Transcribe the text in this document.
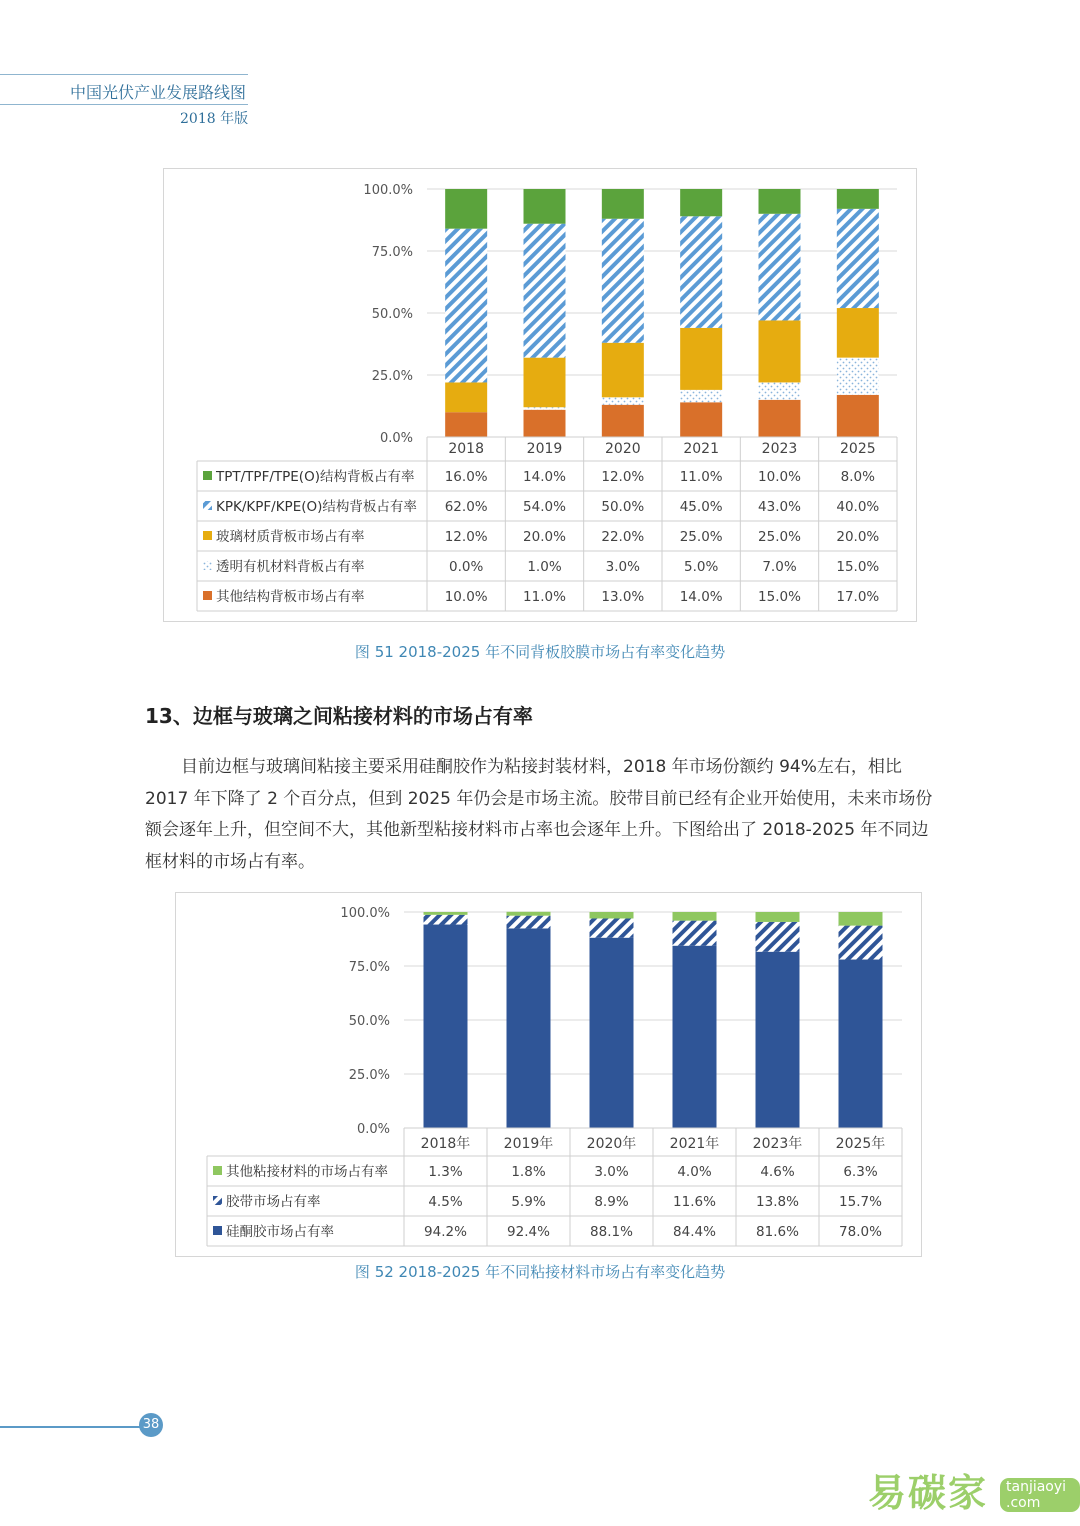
中国光伏产业发展路线图
2018 年版
0.0%
25.0%
50.0%
75.0%
100.0%
2018	2019	2020	2021	2023	2025
TPT/TPF/TPE(O)结构背板占有率 16.0%	14.0%	12.0%	11.0%	10.0%	8.0%
KPK/KPF/KPE(O)结构背板占有率 62.0%	54.0%	50.0%	45.0%	43.0%	40.0%
玻璃材质背板市场占有率	12.0%	20.0%	22.0%	25.0%	25.0%	20.0%
透明有机材料背板占有率	0.0%	1.0%	3.0%	5.0%	7.0%	15.0%
其他结构背板市场占有率	10.0%	11.0%	13.0%	14.0%	15.0%	17.0%
图 51 2018-2025 年不同背板胶膜市场占有率变化趋势
13、边框与玻璃之间粘接材料的市场占有率

目前边框与玻璃间粘接主要采用硅酮胶作为粘接封装材料，2018 年市场份额约 94%左右，相比 2017 年下降了 2 个百分点，但到 2025 年仍会是市场主流。胶带目前已经有企业开始使用，未来市场份额会逐年上升，但空间不大，其他新型粘接材料市占率也会逐年上升。下图给出了 2018-2025 年不同边框材料的市场占有率。

0.0%
25.0%
50.0%
75.0%
100.0%
2018年 2019年 2020年 2021年 2023年 2025年
其他粘接材料的市场占有率	1.3%	1.8%	3.0%	4.0%	4.6%	6.3%
胶带市场占有率	4.5%	5.9%	8.9%	11.6%	13.8%	15.7%
硅酮胶市场占有率	94.2%	92.4%	88.1%	84.4%	81.6%	78.0%
图 52 2018-2025 年不同粘接材料市场占有率变化趋势
38
易碳家	tanjiaoyi .com
